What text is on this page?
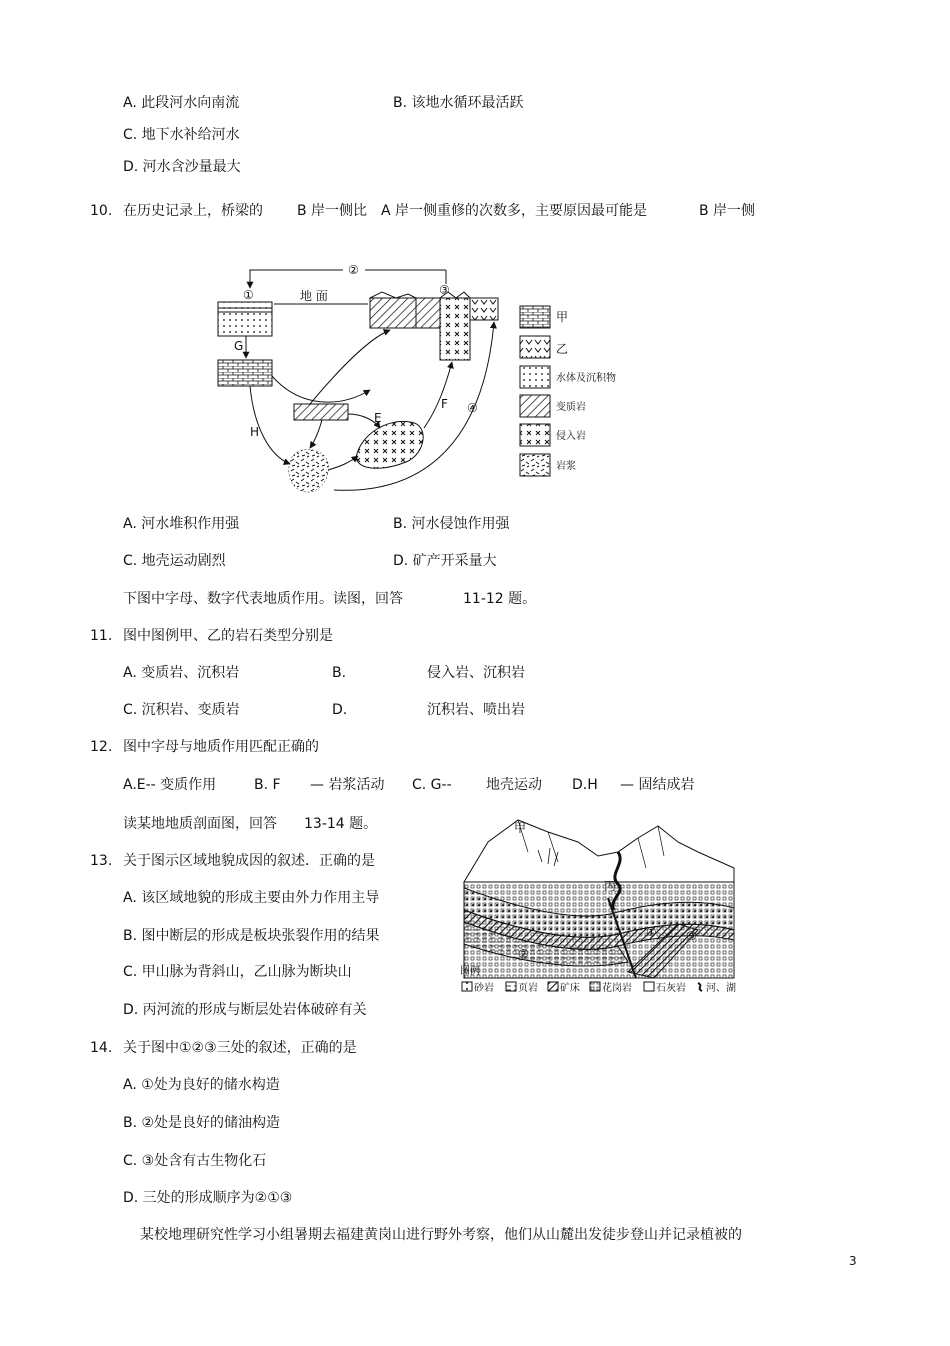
A. 此段河水向南流	B. 该地水循环最活跃
C. 地下水补给河水
D. 河水含沙量最大
10. 在历史记录上，桥梁的 B 岸一侧比 A 岸一侧重修的次数多，主要原因最可能是	B 岸一侧
②
①	③
地 面
G
H
E
F ④
甲
乙
水体及沉积物
变质岩
侵入岩
岩浆
A. 河水堆积作用强	B. 河水侵蚀作用强
C. 地壳运动剧烈	D. 矿产开采量大
下图中字母、数字代表地质作用。读图，回答	11-12 题。
11. 图中图例甲、乙的岩石类型分别是
A. 变质岩、沉积岩	B.	侵入岩、沉积岩
C. 沉积岩、变质岩	D.	沉积岩、喷出岩
12. 图中字母与地质作用匹配正确的
A.E-- 变质作用	B. F — 岩浆活动 C. G-- 地壳运动 D.H — 固结成岩
读某地地质剖面图，回答 13-14 题。
13. 关于图示区域地貌成因的叙述．正确的是
A. 该区域地貌的形成主要由外力作用主导
B. 图中断层的形成是板块张裂作用的结果
C. 甲山脉为背斜山，乙山脉为断块山
D. 丙河流的形成与断层处岩体破碎有关
甲
丙
①
②
③
图例
砂岩 页岩 矿床 花岗岩 石灰岩 河、湖
14. 关于图中①②③三处的叙述，正确的是
A. ①处为良好的储水构造
B. ②处是良好的储油构造
C. ③处含有古生物化石
D. 三处的形成顺序为②①③
某校地理研究性学习小组暑期去福建黄岗山进行野外考察，他们从山麓出发徒步登山并记录植被的
3
